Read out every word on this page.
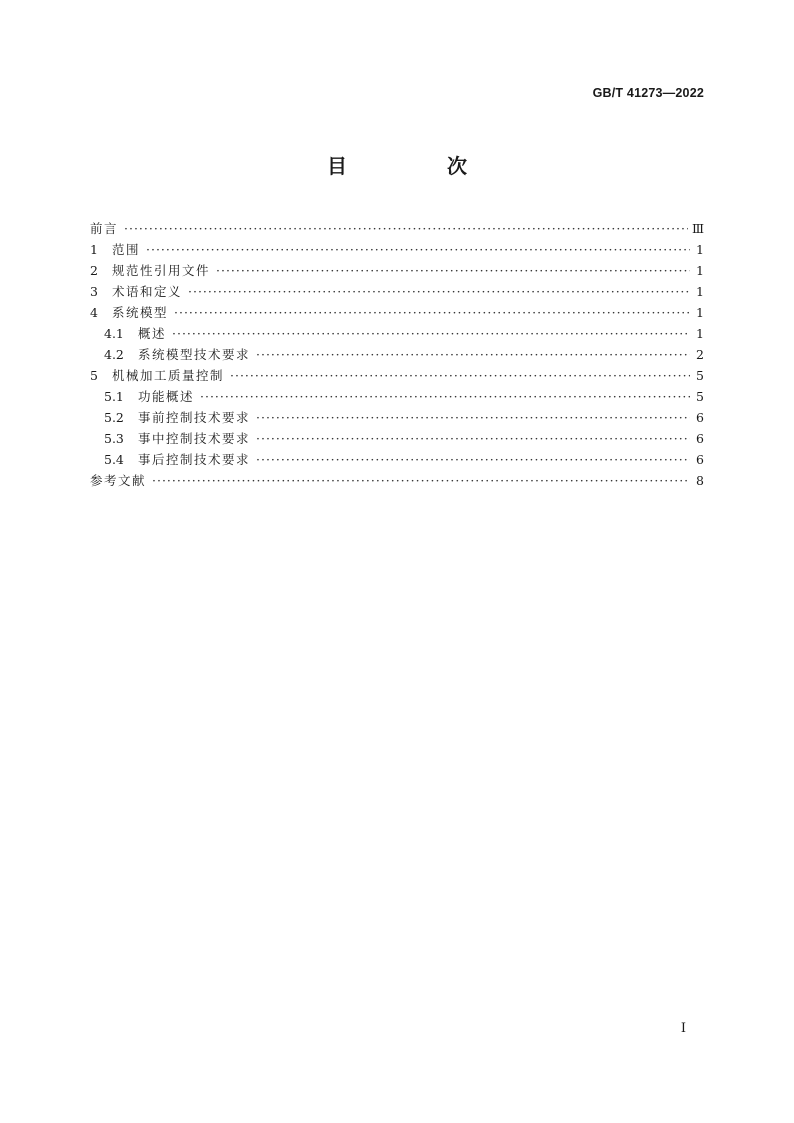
GB/T 41273—2022
目　次
前言 ·····	Ⅲ
1	范围 ·····	1
2	规范性引用文件 ·····	1
3	术语和定义 ·····	1
4	系统模型 ·····	1
4.1	概述 ·····	1
4.2	系统模型技术要求 ·····	2
5	机械加工质量控制 ·····	5
5.1	功能概述 ·····	5
5.2	事前控制技术要求 ·····	6
5.3	事中控制技术要求 ·····	6
5.4	事后控制技术要求 ·····	6
参考文献 ·····	8
I
